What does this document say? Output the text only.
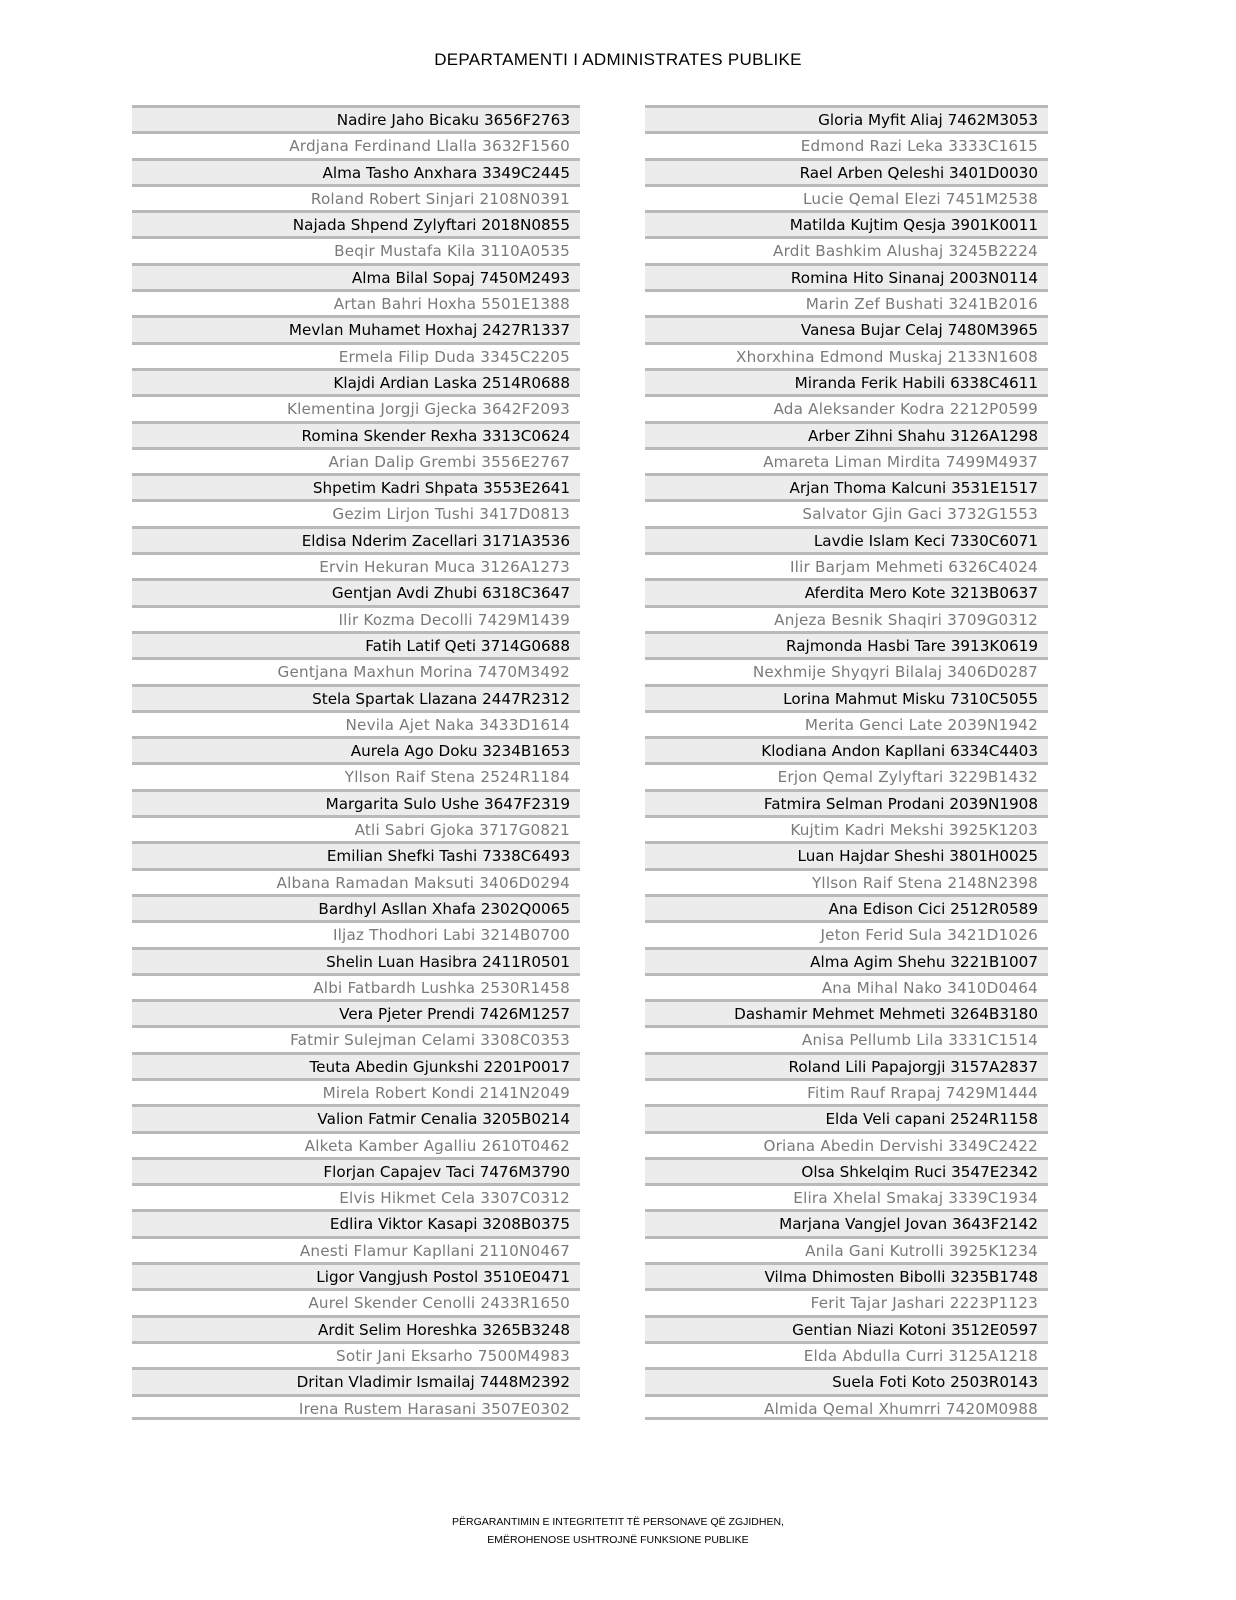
DEPARTAMENTI I ADMINISTRATES PUBLIKE
Nadire Jaho Bicaku 3656F2763
Ardjana Ferdinand Llalla 3632F1560
Alma Tasho Anxhara 3349C2445
Roland Robert Sinjari 2108N0391
Najada Shpend Zylyftari 2018N0855
Beqir Mustafa Kila 3110A0535
Alma Bilal Sopaj 7450M2493
Artan Bahri Hoxha 5501E1388
Mevlan Muhamet Hoxhaj 2427R1337
Ermela Filip Duda 3345C2205
Klajdi Ardian Laska 2514R0688
Klementina Jorgji Gjecka 3642F2093
Romina Skender Rexha 3313C0624
Arian Dalip Grembi 3556E2767
Shpetim Kadri Shpata 3553E2641
Gezim Lirjon Tushi 3417D0813
Eldisa Nderim Zacellari 3171A3536
Ervin Hekuran Muca 3126A1273
Gentjan Avdi Zhubi 6318C3647
Ilir Kozma Decolli 7429M1439
Fatih Latif Qeti 3714G0688
Gentjana Maxhun Morina 7470M3492
Stela Spartak Llazana 2447R2312
Nevila Ajet Naka 3433D1614
Aurela Ago Doku 3234B1653
Yllson Raif Stena 2524R1184
Margarita Sulo Ushe 3647F2319
Atli Sabri Gjoka 3717G0821
Emilian Shefki Tashi 7338C6493
Albana Ramadan Maksuti 3406D0294
Bardhyl Asllan Xhafa 2302Q0065
Iljaz Thodhori Labi 3214B0700
Shelin Luan Hasibra 2411R0501
Albi Fatbardh Lushka 2530R1458
Vera Pjeter Prendi 7426M1257
Fatmir Sulejman Celami 3308C0353
Teuta Abedin Gjunkshi 2201P0017
Mirela Robert Kondi 2141N2049
Valion Fatmir Cenalia 3205B0214
Alketa Kamber Agalliu 2610T0462
Florjan Capajev Taci 7476M3790
Elvis Hikmet Cela 3307C0312
Edlira Viktor Kasapi 3208B0375
Anesti Flamur Kapllani 2110N0467
Ligor Vangjush Postol 3510E0471
Aurel Skender Cenolli 2433R1650
Ardit Selim Horeshka 3265B3248
Sotir Jani Eksarho 7500M4983
Dritan Vladimir Ismailaj 7448M2392
Irena Rustem Harasani 3507E0302
Gloria Myfit Aliaj 7462M3053
Edmond Razi Leka 3333C1615
Rael Arben Qeleshi 3401D0030
Lucie Qemal Elezi 7451M2538
Matilda Kujtim Qesja 3901K0011
Ardit Bashkim Alushaj 3245B2224
Romina Hito Sinanaj 2003N0114
Marin Zef Bushati 3241B2016
Vanesa Bujar Celaj 7480M3965
Xhorxhina Edmond Muskaj 2133N1608
Miranda Ferik Habili 6338C4611
Ada Aleksander Kodra 2212P0599
Arber Zihni Shahu 3126A1298
Amareta Liman Mirdita 7499M4937
Arjan Thoma Kalcuni 3531E1517
Salvator Gjin Gaci 3732G1553
Lavdie Islam Keci 7330C6071
Ilir Barjam Mehmeti 6326C4024
Aferdita Mero Kote 3213B0637
Anjeza Besnik Shaqiri 3709G0312
Rajmonda Hasbi Tare 3913K0619
Nexhmije Shyqyri Bilalaj 3406D0287
Lorina Mahmut Misku 7310C5055
Merita Genci Late 2039N1942
Klodiana Andon Kapllani 6334C4403
Erjon Qemal Zylyftari 3229B1432
Fatmira Selman Prodani 2039N1908
Kujtim Kadri Mekshi 3925K1203
Luan Hajdar Sheshi 3801H0025
Yllson Raif Stena 2148N2398
Ana Edison Cici 2512R0589
Jeton Ferid Sula 3421D1026
Alma Agim Shehu 3221B1007
Ana Mihal Nako 3410D0464
Dashamir Mehmet Mehmeti 3264B3180
Anisa Pellumb Lila 3331C1514
Roland Lili Papajorgji 3157A2837
Fitim Rauf Rrapaj 7429M1444
Elda Veli capani 2524R1158
Oriana Abedin Dervishi 3349C2422
Olsa Shkelqim Ruci 3547E2342
Elira Xhelal Smakaj 3339C1934
Marjana Vangjel Jovan 3643F2142
Anila Gani Kutrolli 3925K1234
Vilma Dhimosten Bibolli 3235B1748
Ferit Tajar Jashari 2223P1123
Gentian Niazi Kotoni 3512E0597
Elda Abdulla Curri 3125A1218
Suela Foti Koto 2503R0143
Almida Qemal Xhumrri 7420M0988
PËRGARANTIMIN E INTEGRITETIT TË PERSONAVE QË ZGJIDHEN,
EMËROHENOSE USHTROJNË FUNKSIONE PUBLIKE
